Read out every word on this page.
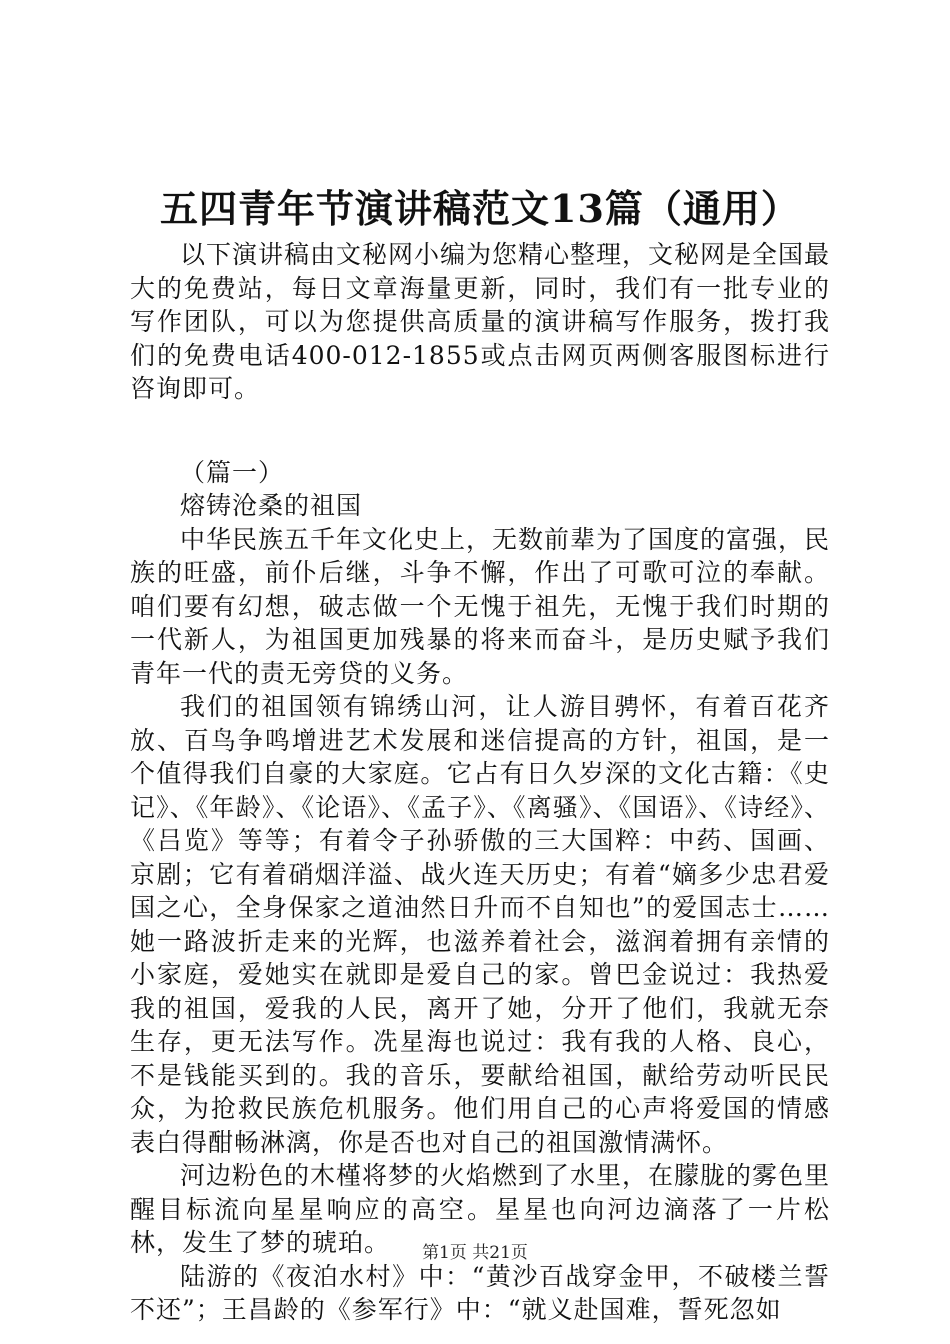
五四青年节演讲稿范文13篇（通用）

以下演讲稿由文秘网小编为您精心整理，文秘网是全国最大的免费站，每日文章海量更新，同时，我们有一批专业的写作团队，可以为您提供高质量的演讲稿写作服务，拨打我们的免费电话400-012-1855或点击网页两侧客服图标进行咨询即可。

（篇一）

熔铸沧桑的祖国

中华民族五千年文化史上，无数前辈为了国度的富强，民族的旺盛，前仆后继，斗争不懈，作出了可歌可泣的奉献。咱们要有幻想，破志做一个无愧于祖先，无愧于我们时期的一代新人，为祖国更加残暴的将来而奋斗，是历史赋予我们青年一代的责无旁贷的义务。

我们的祖国领有锦绣山河，让人游目骋怀，有着百花齐放、百鸟争鸣增进艺术发展和迷信提高的方针，祖国，是一个值得我们自豪的大家庭。它占有日久岁深的文化古籍：《史记》、《年龄》、《论语》、《孟子》、《离骚》、《国语》、《诗经》、《吕览》等等；有着令子孙骄傲的三大国粹：中药、国画、京剧；它有着硝烟洋溢、战火连天历史；有着“嫡多少忠君爱国之心，全身保家之道油然日升而不自知也”的爱国志士……她一路波折走来的光辉，也滋养着社会，滋润着拥有亲情的小家庭，爱她实在就即是爱自己的家。曾巴金说过：我热爱我的祖国，爱我的人民，离开了她，分开了他们，我就无奈生存，更无法写作。冼星海也说过：我有我的人格、良心，不是钱能买到的。我的音乐，要献给祖国，献给劳动听民民众，为抢救民族危机服务。他们用自己的心声将爱国的情感表白得酣畅淋漓，你是否也对自己的祖国激情满怀。

河边粉色的木槿将梦的火焰燃到了水里，在朦胧的雾色里醒目标流向星星响应的高空。星星也向河边滴落了一片松林，发生了梦的琥珀。

陆游的《夜泊水村》中：“黄沙百战穿金甲，不破楼兰誓不还”；王昌龄的《参军行》中：“就义赴国难，誓死忽如

第1页 共21页
